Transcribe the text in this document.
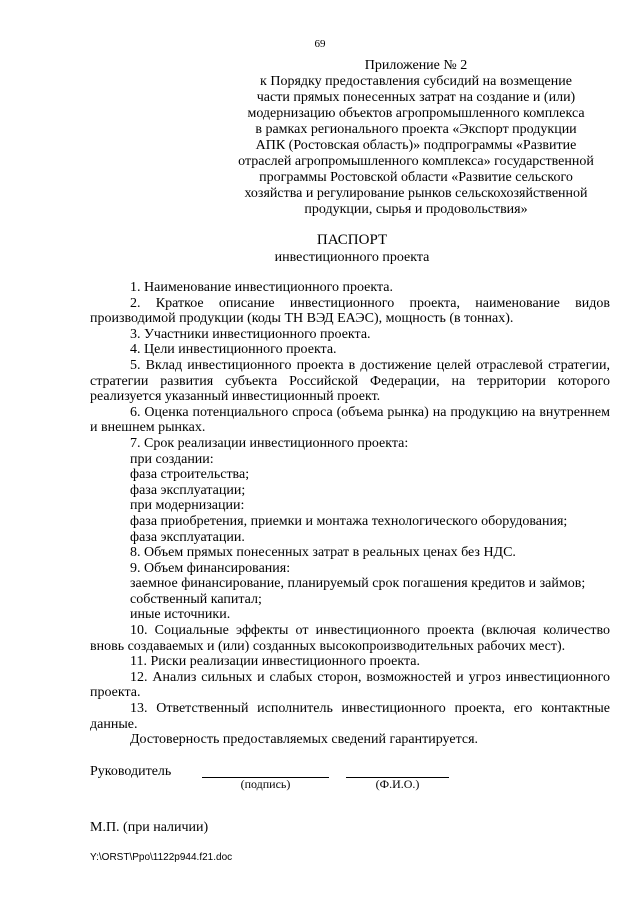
69
Приложение № 2
к Порядку предоставления субсидий на возмещение
части прямых понесенных затрат на создание и (или)
модернизацию объектов агропромышленного комплекса
в рамках регионального проекта «Экспорт продукции
АПК (Ростовская область)» подпрограммы «Развитие
отраслей агропромышленного комплекса» государственной
программы Ростовской области «Развитие сельского
хозяйства и регулирование рынков сельскохозяйственной
продукции, сырья и продовольствия»
ПАСПОРТ
инвестиционного проекта

1. Наименование инвестиционного проекта.

2. Краткое описание инвестиционного проекта, наименование видов производимой продукции (коды ТН ВЭД ЕАЭС), мощность (в тоннах).

3. Участники инвестиционного проекта.

4. Цели инвестиционного проекта.

5. Вклад инвестиционного проекта в достижение целей отраслевой стратегии, стратегии развития субъекта Российской Федерации, на территории которого реализуется указанный инвестиционный проект.

6. Оценка потенциального спроса (объема рынка) на продукцию на внутреннем и внешнем рынках.

7. Срок реализации инвестиционного проекта:

при создании:

фаза строительства;

фаза эксплуатации;

при модернизации:

фаза приобретения, приемки и монтажа технологического оборудования;

фаза эксплуатации.

8. Объем прямых понесенных затрат в реальных ценах без НДС.

9. Объем финансирования:

заемное финансирование, планируемый срок погашения кредитов и займов;

собственный капитал;

иные источники.

10. Социальные эффекты от инвестиционного проекта (включая количество вновь создаваемых и (или) созданных высокопроизводительных рабочих мест).

11. Риски реализации инвестиционного проекта.

12. Анализ сильных и слабых сторон, возможностей и угроз инвестиционного проекта.

13. Ответственный исполнитель инвестиционного проекта, его контактные данные.

Достоверность предоставляемых сведений гарантируется.

Руководитель
(подпись)	(Ф.И.О.)
М.П. (при наличии)
Y:\ORST\Ppo\1122p944.f21.doc
